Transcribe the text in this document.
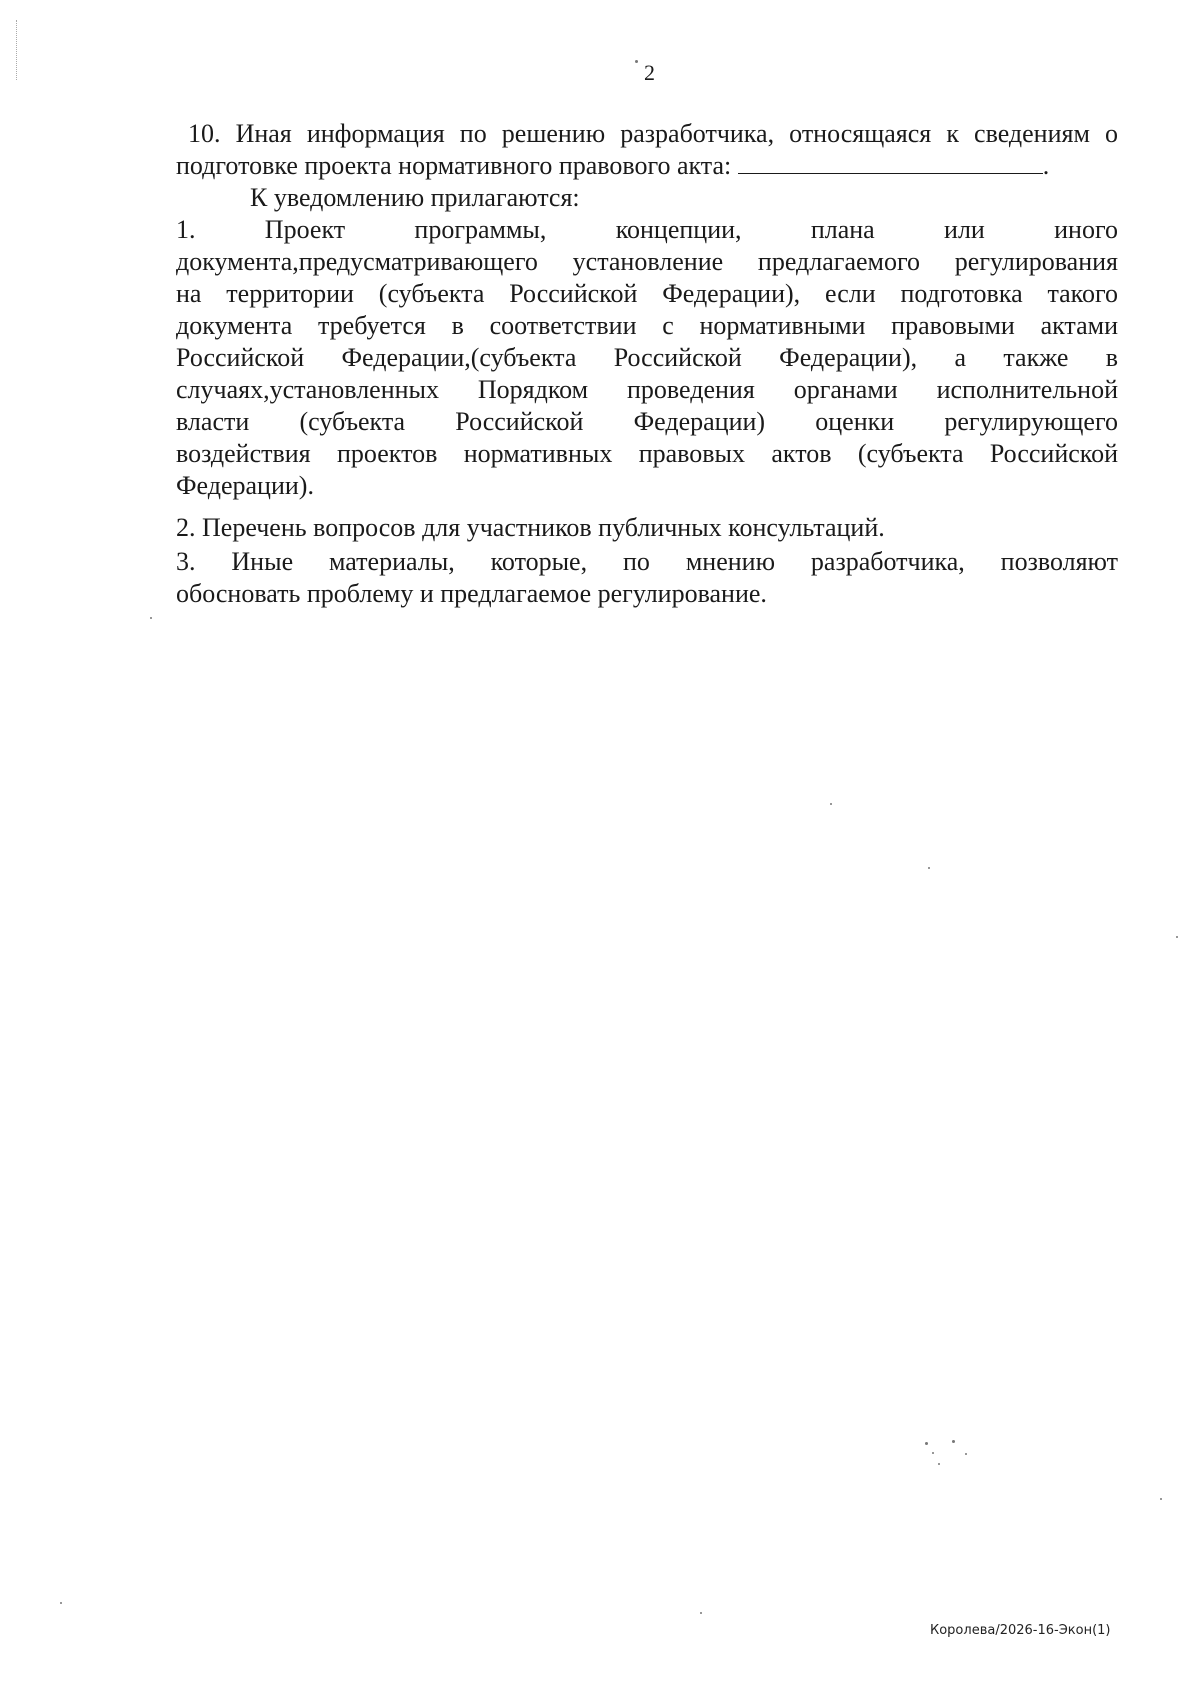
2
10. Иная информация по решению разработчика, относящаяся к сведениям о
подготовке проекта нормативного правового акта:	.
К уведомлению прилагаются:
1. Проект программы, концепции, плана или иного
документа,предусматривающего установление предлагаемого регулирования
на территории (субъекта Российской Федерации), если подготовка такого
документа требуется в соответствии с нормативными правовыми актами
Российской Федерации,(субъекта Российской Федерации), а также в
случаях,установленных Порядком проведения органами исполнительной
власти (субъекта Российской Федерации) оценки регулирующего
воздействия проектов нормативных правовых актов (субъекта Российской
Федерации).
2. Перечень вопросов для участников публичных консультаций.
3. Иные материалы, которые, по мнению разработчика, позволяют
обосновать проблему и предлагаемое регулирование.
Королева/2026-16-Экон(1)
